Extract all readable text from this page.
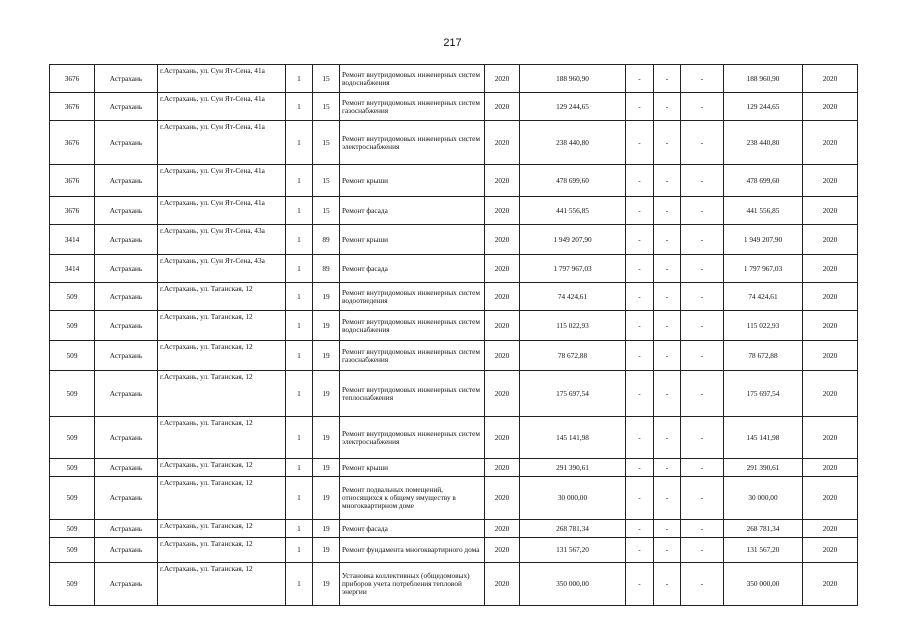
217
3676	Астрахань	г.Астрахань, ул. Сун Ят-Сена, 41а	1	15	Ремонт внутридомовых инженерных систем водоснабжения	2020	188 960,90	-	-	-	188 960,90	2020
3676	Астрахань	г.Астрахань, ул. Сун Ят-Сена, 41а	1	15	Ремонт внутридомовых инженерных систем газоснабжения	2020	129 244,65	-	-	-	129 244,65	2020
3676	Астрахань	г.Астрахань, ул. Сун Ят-Сена, 41а	1	15	Ремонт внутридомовых инженерных систем электроснабжения	2020	238 440,80	-	-	-	238 440,80	2020
3676	Астрахань	г.Астрахань, ул. Сун Ят-Сена, 41а	1	15	Ремонт крыши	2020	478 699,60	-	-	-	478 699,60	2020
3676	Астрахань	г.Астрахань, ул. Сун Ят-Сена, 41а	1	15	Ремонт фасада	2020	441 556,85	-	-	-	441 556,85	2020
3414	Астрахань	г.Астрахань, ул. Сун Ят-Сена, 43а	1	89	Ремонт крыши	2020	1 949 207,90	-	-	-	1 949 207,90	2020
3414	Астрахань	г.Астрахань, ул. Сун Ят-Сена, 43а	1	89	Ремонт фасада	2020	1 797 967,03	-	-	-	1 797 967,03	2020
509	Астрахань	г.Астрахань, ул. Таганская, 12	1	19	Ремонт внутридомовых инженерных систем водоотведения	2020	74 424,61	-	-	-	74 424,61	2020
509	Астрахань	г.Астрахань, ул. Таганская, 12	1	19	Ремонт внутридомовых инженерных систем водоснабжения	2020	115 022,93	-	-	-	115 022,93	2020
509	Астрахань	г.Астрахань, ул. Таганская, 12	1	19	Ремонт внутридомовых инженерных систем газоснабжения	2020	78 672,88	-	-	-	78 672,88	2020
509	Астрахань	г.Астрахань, ул. Таганская, 12	1	19	Ремонт внутридомовых инженерных систем теплоснабжения	2020	175 697,54	-	-	-	175 697,54	2020
509	Астрахань	г.Астрахань, ул. Таганская, 12	1	19	Ремонт внутридомовых инженерных систем электроснабжения	2020	145 141,98	-	-	-	145 141,98	2020
509	Астрахань	г.Астрахань, ул. Таганская, 12	1	19	Ремонт крыши	2020	291 390,61	-	-	-	291 390,61	2020
509	Астрахань	г.Астрахань, ул. Таганская, 12	1	19	Ремонт подвальных помещений, относящихся к общему имуществу в многоквартирном доме	2020	30 000,00	-	-	-	30 000,00	2020
509	Астрахань	г.Астрахань, ул. Таганская, 12	1	19	Ремонт фасада	2020	268 781,34	-	-	-	268 781,34	2020
509	Астрахань	г.Астрахань, ул. Таганская, 12	1	19	Ремонт фундамента многоквартирного дома	2020	131 567,20	-	-	-	131 567,20	2020
509	Астрахань	г.Астрахань, ул. Таганская, 12	1	19	Установка коллективных (общедомовых) приборов учета потребления тепловой энергии	2020	350 000,00	-	-	-	350 000,00	2020
